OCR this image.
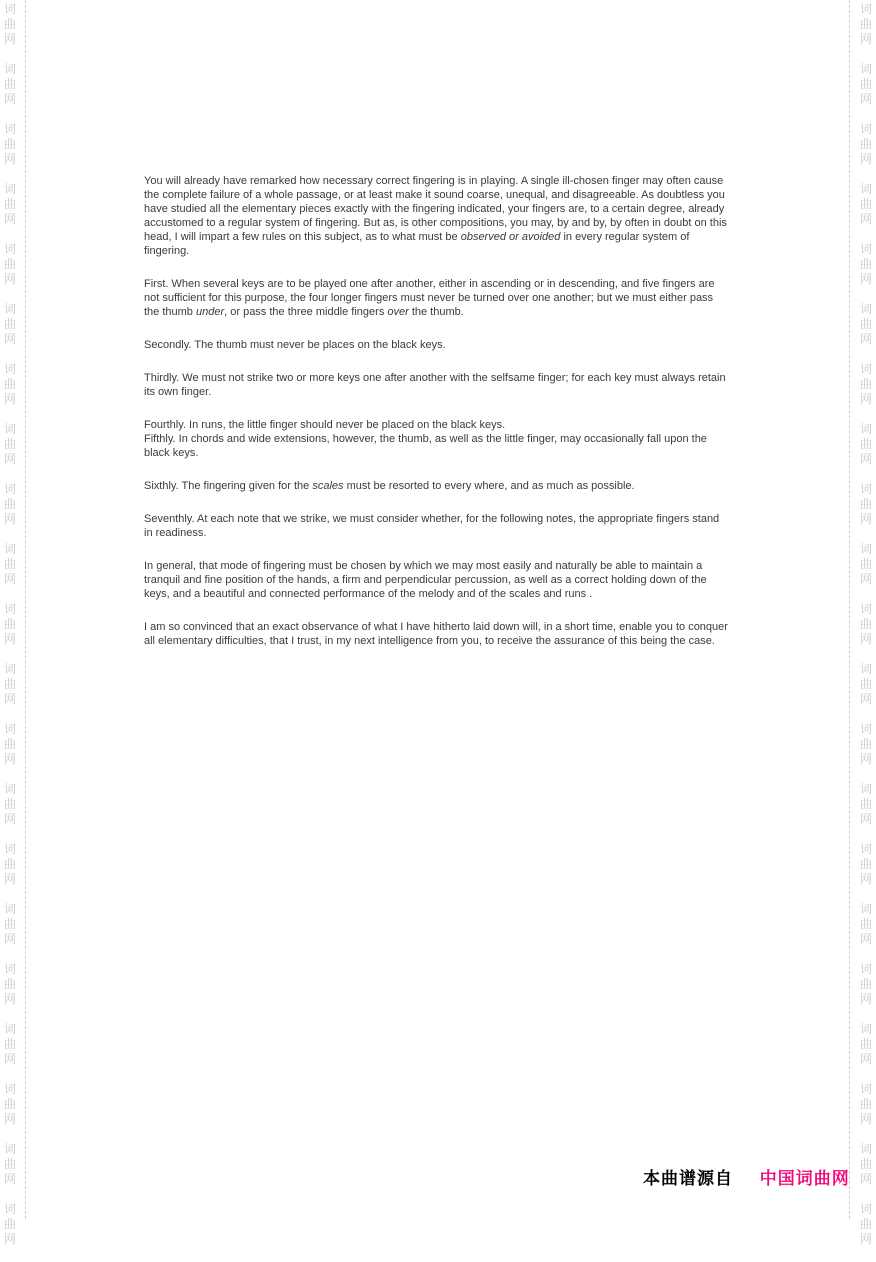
词
曲
网
词
曲
网
词
曲
网
词
曲
网
词
曲
网
词
曲
网
词
曲
网
词
曲
网
词
曲
网
词
曲
网
词
曲
网
词
曲
网
词
曲
网
词
曲
网
词
曲
网
词
曲
网
词
曲
网
词
曲
网
词
曲
网
词
曲
网
词
曲
网

You will already have remarked how necessary correct fingering is in playing. A single ill-chosen finger may often cause the complete failure of a whole passage, or at least make it sound coarse, unequal, and disagreeable. As doubtless you have studied all the elementary pieces exactly with the fingering indicated, your fingers are, to a certain degree, already accustomed to a regular system of fingering. But as, is other compositions, you may, by and by, by often in doubt on this head, I will impart a few rules on this subject, as to what must be observed or avoided in every regular system of fingering.

First. When several keys are to be played one after another, either in ascending or in descending, and five fingers are not sufficient for this purpose, the four longer fingers must never be turned over one another; but we must either pass the thumb under, or pass the three middle fingers over the thumb.

Secondly. The thumb must never be places on the black keys.

Thirdly. We must not strike two or more keys one after another with the selfsame finger; for each key must always retain its own finger.

Fourthly. In runs, the little finger should never be placed on the black keys.
Fifthly. In chords and wide extensions, however, the thumb, as well as the little finger, may occasionally fall upon the black keys.

Sixthly. The fingering given for the scales must be resorted to every where, and as much as possible.

Seventhly. At each note that we strike, we must consider whether, for the following notes, the appropriate fingers stand in readiness.

In general, that mode of fingering must be chosen by which we may most easily and naturally be able to maintain a tranquil and fine position of the hands, a firm and perpendicular percussion, as well as a correct holding down of the keys, and a beautiful and connected performance of the melody and of the scales and runs .

I am so convinced that an exact observance of what I have hitherto laid down will, in a short time, enable you to conquer all elementary difficulties, that I trust, in my next intelligence from you, to receive the assurance of this being the case.

本曲谱源自 中国词曲网
词
曲
网
词
曲
网
词
曲
网
词
曲
网
词
曲
网
词
曲
网
词
曲
网
词
曲
网
词
曲
网
词
曲
网
词
曲
网
词
曲
网
词
曲
网
词
曲
网
词
曲
网
词
曲
网
词
曲
网
词
曲
网
词
曲
网
词
曲
网
词
曲
网
